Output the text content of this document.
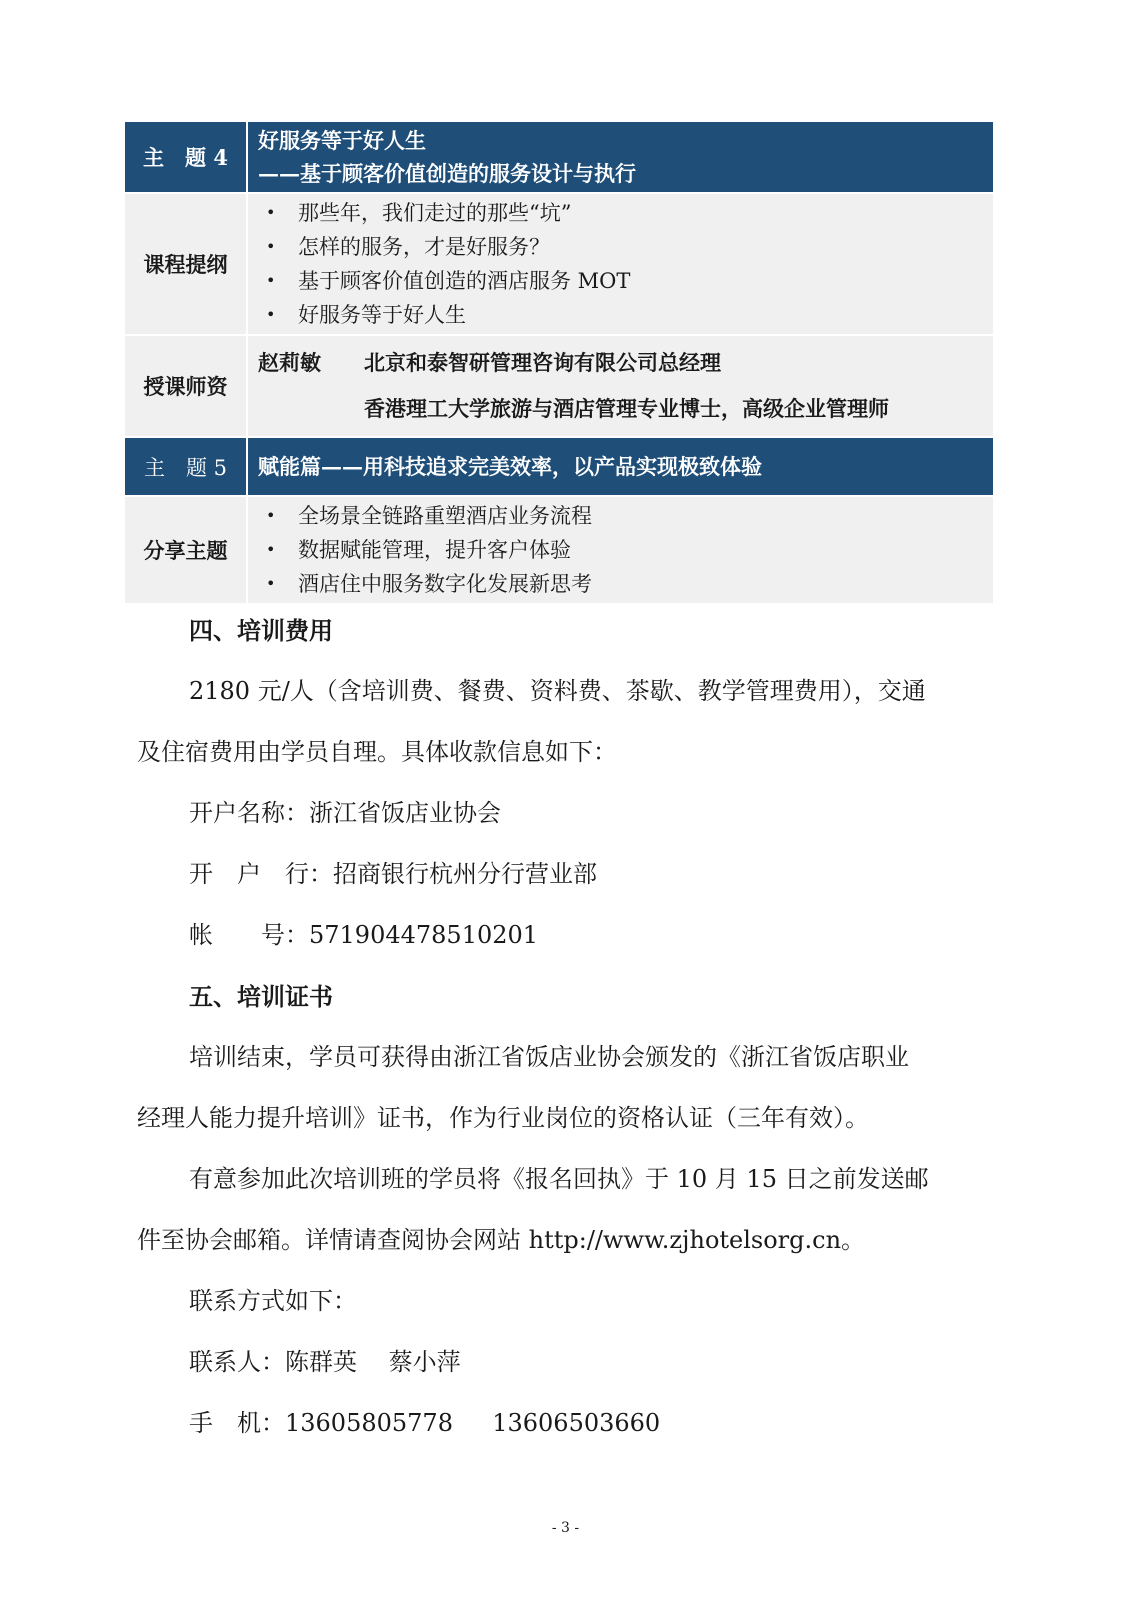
主　题 4
好服务等于好人生
——基于顾客价值创造的服务设计与执行
课程提纲
• 那些年，我们走过的那些“坑”
• 怎样的服务，才是好服务？
• 基于顾客价值创造的酒店服务 MOT
• 好服务等于好人生
授课师资
赵莉敏 北京和泰智研管理咨询有限公司总经理
香港理工大学旅游与酒店管理专业博士，高级企业管理师
主　题 5	赋能篇——用科技追求完美效率，以产品实现极致体验
分享主题
• 全场景全链路重塑酒店业务流程
• 数据赋能管理，提升客户体验
• 酒店住中服务数字化发展新思考

四、培训费用

2180 元/人（含培训费、餐费、资料费、茶歇、教学管理费用），交通

及住宿费用由学员自理。具体收款信息如下：

开户名称：浙江省饭店业协会

开　户　行：招商银行杭州分行营业部

帐　　号：571904478510201

五、培训证书

培训结束，学员可获得由浙江省饭店业协会颁发的《浙江省饭店职业

经理人能力提升培训》证书，作为行业岗位的资格认证（三年有效）。

有意参加此次培训班的学员将《报名回执》于 10 月 15 日之前发送邮

件至协会邮箱。详情请查阅协会网站 http://www.zjhotelsorg.cn。

联系方式如下：

联系人：陈群英　 蔡小萍

手　机：13605805778 　 13606503660

- 3 -
